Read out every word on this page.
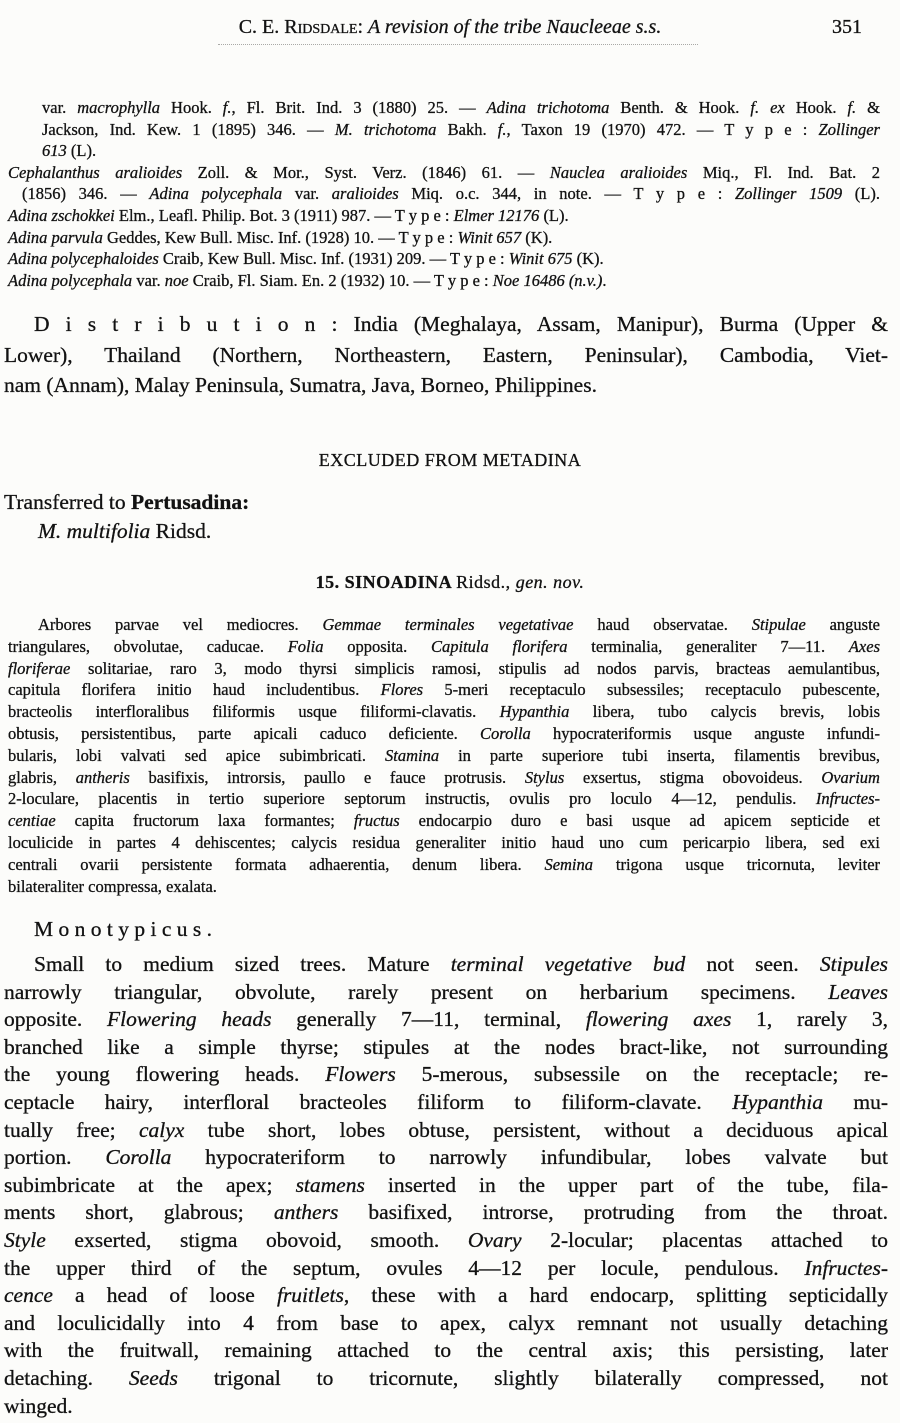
C. E. Ridsdale: A revision of the tribe Naucleeae s.s.	351
var. macrophylla Hook. f., Fl. Brit. Ind. 3 (1880) 25. — Adina trichotoma Benth. & Hook. f. ex Hook. f. &
Jackson, Ind. Kew. 1 (1895) 346. — M. trichotoma Bakh. f., Taxon 19 (1970) 472. — T y p e : Zollinger
613 (L).
Cephalanthus aralioides Zoll. & Mor., Syst. Verz. (1846) 61. — Nauclea aralioides Miq., Fl. Ind. Bat. 2
(1856) 346. — Adina polycephala var. aralioides Miq. o.c. 344, in note. — T y p e : Zollinger 1509 (L).
Adina zschokkei Elm., Leafl. Philip. Bot. 3 (1911) 987. — T y p e : Elmer 12176 (L).
Adina parvula Geddes, Kew Bull. Misc. Inf. (1928) 10. — T y p e : Winit 657 (K).
Adina polycephaloides Craib, Kew Bull. Misc. Inf. (1931) 209. — T y p e : Winit 675 (K).
Adina polycephala var. noe Craib, Fl. Siam. En. 2 (1932) 10. — T y p e : Noe 16486 (n.v.).
D i s t r i b u t i o n : India (Meghalaya, Assam, Manipur), Burma (Upper &
Lower), Thailand (Northern, Northeastern, Eastern, Peninsular), Cambodia, Viet-
nam (Annam), Malay Peninsula, Sumatra, Java, Borneo, Philippines.
EXCLUDED FROM METADINA
Transferred to Pertusadina:
M. multifolia Ridsd.
15. SINOADINA Ridsd., gen. nov.
Arbores parvae vel mediocres. Gemmae terminales vegetativae haud observatae. Stipulae anguste
triangulares, obvolutae, caducae. Folia opposita. Capitula florifera terminalia, generaliter 7—11. Axes
floriferae solitariae, raro 3, modo thyrsi simplicis ramosi, stipulis ad nodos parvis, bracteas aemulantibus,
capitula florifera initio haud includentibus. Flores 5-meri receptaculo subsessiles; receptaculo pubescente,
bracteolis interfloralibus filiformis usque filiformi-clavatis. Hypanthia libera, tubo calycis brevis, lobis
obtusis, persistentibus, parte apicali caduco deficiente. Corolla hypocrateriformis usque anguste infundi-
bularis, lobi valvati sed apice subimbricati. Stamina in parte superiore tubi inserta, filamentis brevibus,
glabris, antheris basifixis, introrsis, paullo e fauce protrusis. Stylus exsertus, stigma obovoideus. Ovarium
2-loculare, placentis in tertio superiore septorum instructis, ovulis pro loculo 4—12, pendulis. Infructes-
centiae capita fructorum laxa formantes; fructus endocarpio duro e basi usque ad apicem septicide et
loculicide in partes 4 dehiscentes; calycis residua generaliter initio haud uno cum pericarpio libera, sed exi
centrali ovarii persistente formata adhaerentia, denum libera. Semina trigona usque tricornuta, leviter
bilateraliter compressa, exalata.
M o n o t y p i c u s .
Small to medium sized trees. Mature terminal vegetative bud not seen. Stipules
narrowly triangular, obvolute, rarely present on herbarium specimens. Leaves
opposite. Flowering heads generally 7—11, terminal, flowering axes 1, rarely 3,
branched like a simple thyrse; stipules at the nodes bract-like, not surrounding
the young flowering heads. Flowers 5-merous, subsessile on the receptacle; re-
ceptacle hairy, interfloral bracteoles filiform to filiform-clavate. Hypanthia mu-
tually free; calyx tube short, lobes obtuse, persistent, without a deciduous apical
portion. Corolla hypocrateriform to narrowly infundibular, lobes valvate but
subimbricate at the apex; stamens inserted in the upper part of the tube, fila-
ments short, glabrous; anthers basifixed, introrse, protruding from the throat.
Style exserted, stigma obovoid, smooth. Ovary 2-locular; placentas attached to
the upper third of the septum, ovules 4—12 per locule, pendulous. Infructes-
cence a head of loose fruitlets, these with a hard endocarp, splitting septicidally
and loculicidally into 4 from base to apex, calyx remnant not usually detaching
with the fruitwall, remaining attached to the central axis; this persisting, later
detaching. Seeds trigonal to tricornute, slightly bilaterally compressed, not
winged.
